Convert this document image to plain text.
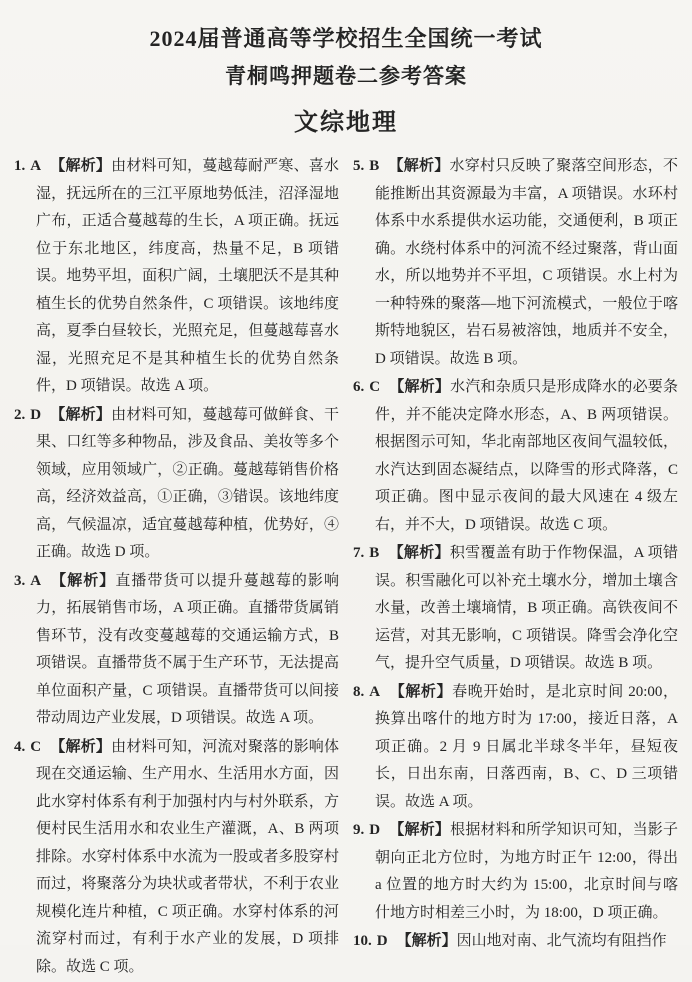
2024届普通高等学校招生全国统一考试
青桐鸣押题卷二参考答案
文综地理
1. A 【解析】由材料可知，蔓越莓耐严寒、喜水湿，抚远所在的三江平原地势低洼，沼泽湿地广布，正适合蔓越莓的生长，A 项正确。抚远位于东北地区，纬度高，热量不足，B 项错误。地势平坦，面积广阔，土壤肥沃不是其种植生长的优势自然条件，C 项错误。该地纬度高，夏季白昼较长，光照充足，但蔓越莓喜水湿，光照充足不是其种植生长的优势自然条件，D 项错误。故选 A 项。
2. D 【解析】由材料可知，蔓越莓可做鲜食、干果、口红等多种物品，涉及食品、美妆等多个领域，应用领域广，②正确。蔓越莓销售价格高，经济效益高，①正确，③错误。该地纬度高，气候温凉，适宜蔓越莓种植，优势好，④正确。故选 D 项。
3. A 【解析】直播带货可以提升蔓越莓的影响力，拓展销售市场，A 项正确。直播带货属销售环节，没有改变蔓越莓的交通运输方式，B 项错误。直播带货不属于生产环节，无法提高单位面积产量，C 项错误。直播带货可以间接带动周边产业发展，D 项错误。故选 A 项。
4. C 【解析】由材料可知，河流对聚落的影响体现在交通运输、生产用水、生活用水方面，因此水穿村体系有利于加强村内与村外联系，方便村民生活用水和农业生产灌溉，A、B 两项排除。水穿村体系中水流为一股或者多股穿村而过，将聚落分为块状或者带状，不利于农业规模化连片种植，C 项正确。水穿村体系的河流穿村而过，有利于水产业的发展，D 项排除。故选 C 项。
5. B 【解析】水穿村只反映了聚落空间形态，不能推断出其资源最为丰富，A 项错误。水环村体系中水系提供水运功能，交通便利，B 项正确。水绕村体系中的河流不经过聚落，背山面水，所以地势并不平坦，C 项错误。水上村为一种特殊的聚落—地下河流模式，一般位于喀斯特地貌区，岩石易被溶蚀，地质并不安全，D 项错误。故选 B 项。
6. C 【解析】水汽和杂质只是形成降水的必要条件，并不能决定降水形态，A、B 两项错误。根据图示可知，华北南部地区夜间气温较低，水汽达到固态凝结点，以降雪的形式降落，C 项正确。图中显示夜间的最大风速在 4 级左右，并不大，D 项错误。故选 C 项。
7. B 【解析】积雪覆盖有助于作物保温，A 项错误。积雪融化可以补充土壤水分，增加土壤含水量，改善土壤墒情，B 项正确。高铁夜间不运营，对其无影响，C 项错误。降雪会净化空气，提升空气质量，D 项错误。故选 B 项。
8. A 【解析】春晚开始时，是北京时间 20:00，换算出喀什的地方时为 17:00，接近日落，A 项正确。2 月 9 日属北半球冬半年，昼短夜长，日出东南，日落西南，B、C、D 三项错误。故选 A 项。
9. D 【解析】根据材料和所学知识可知，当影子朝向正北方位时，为地方时正午 12:00，得出 a 位置的地方时大约为 15:00，北京时间与喀什地方时相差三小时，为 18:00，D 项正确。
10. D 【解析】因山地对南、北气流均有阻挡作
